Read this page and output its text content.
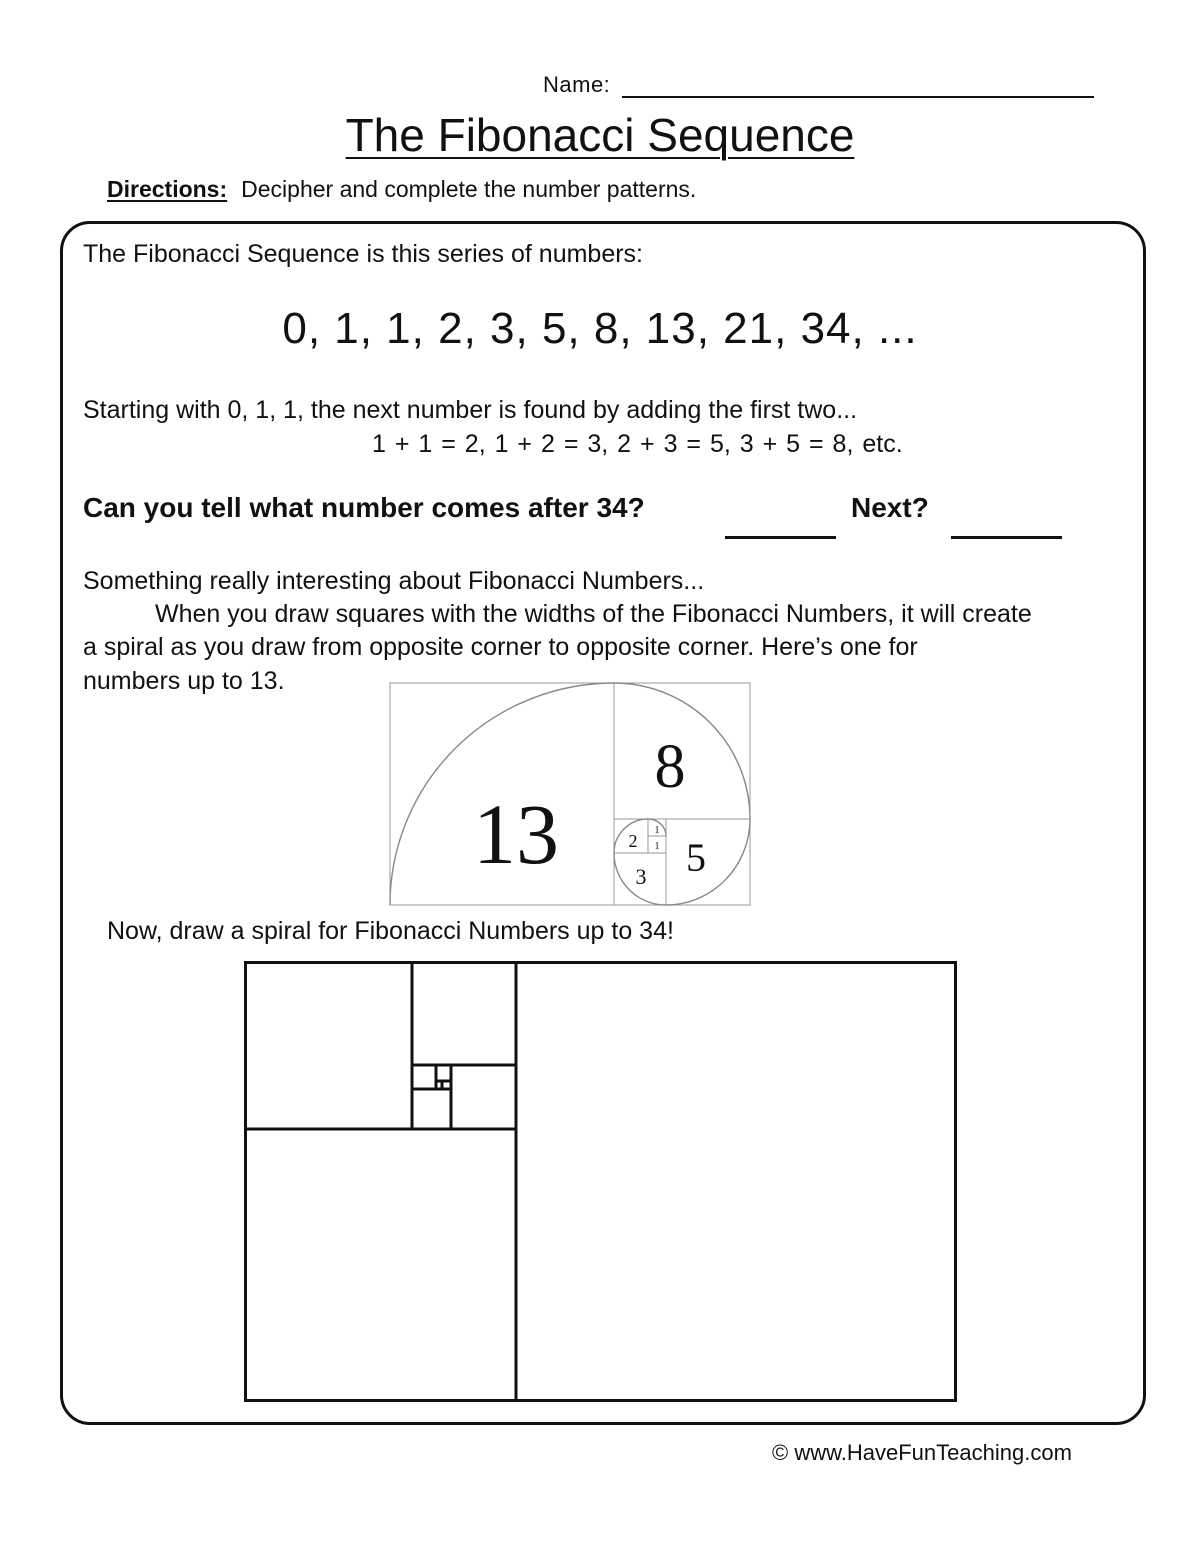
Name:
The Fibonacci Sequence
Directions: Decipher and complete the number patterns.
The Fibonacci Sequence is this series of numbers:
0, 1, 1, 2, 3, 5, 8, 13, 21, 34, ...
Starting with 0, 1, 1, the next number is found by adding the first two...
1 + 1 = 2, 1 + 2 = 3, 2 + 3 = 5, 3 + 5 = 8, etc.
Can you tell what number comes after 34?	Next?
Something really interesting about Fibonacci Numbers...
When you draw squares with the widths of the Fibonacci Numbers, it will create
a spiral as you draw from opposite corner to opposite corner. Here’s one for
numbers up to 13.
13
8
5
3
2
1
1
Now, draw a spiral for Fibonacci Numbers up to 34!
© www.HaveFunTeaching.com
